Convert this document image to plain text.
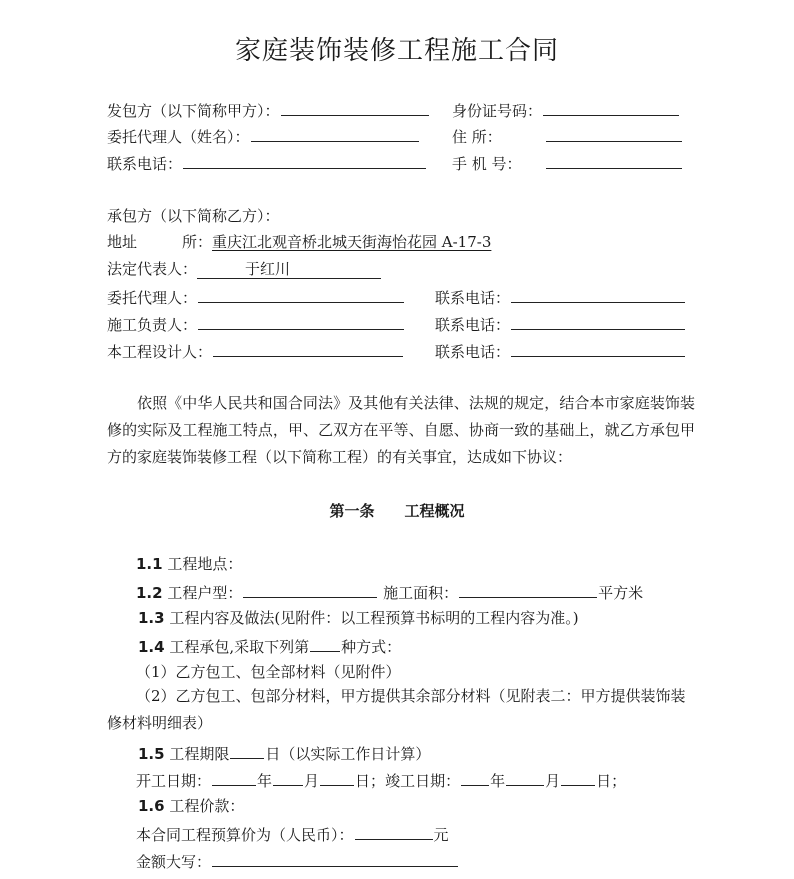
家庭装饰装修工程施工合同
发包方（以下简称甲方）：	身份证号码：
委托代理人（姓名）：	住 所：
联系电话：	手 机 号：
承包方（以下简称乙方）：
地址　　　所：重庆江北观音桥北城天街海怡花园 A-17-3
法定代表人：	于红川
委托代理人：	联系电话：
施工负责人：	联系电话：
本工程设计人：	联系电话：
依照《中华人民共和国合同法》及其他有关法律、法规的规定，结合本市家庭装饰装修的实际及工程施工特点，甲、乙双方在平等、自愿、协商一致的基础上，就乙方承包甲方的家庭装饰装修工程（以下简称工程）的有关事宜，达成如下协议：
第一条　　工程概况
1.1 工程地点：
1.2 工程户型：	施工面积：	平方米
1.3 工程内容及做法(见附件：以工程预算书标明的工程内容为准。)
1.4 工程承包,采取下列第 种方式：
（1）乙方包工、包全部材料（见附件）
（2）乙方包工、包部分材料，甲方提供其余部分材料（见附表二：甲方提供装饰装修材料明细表）
1.5 工程期限 日（以实际工作日计算）
开工日期：	年 月 日；竣工日期： 年	月 日；
1.6 工程价款：
本合同工程预算价为（人民币）：	元
金额大写：
